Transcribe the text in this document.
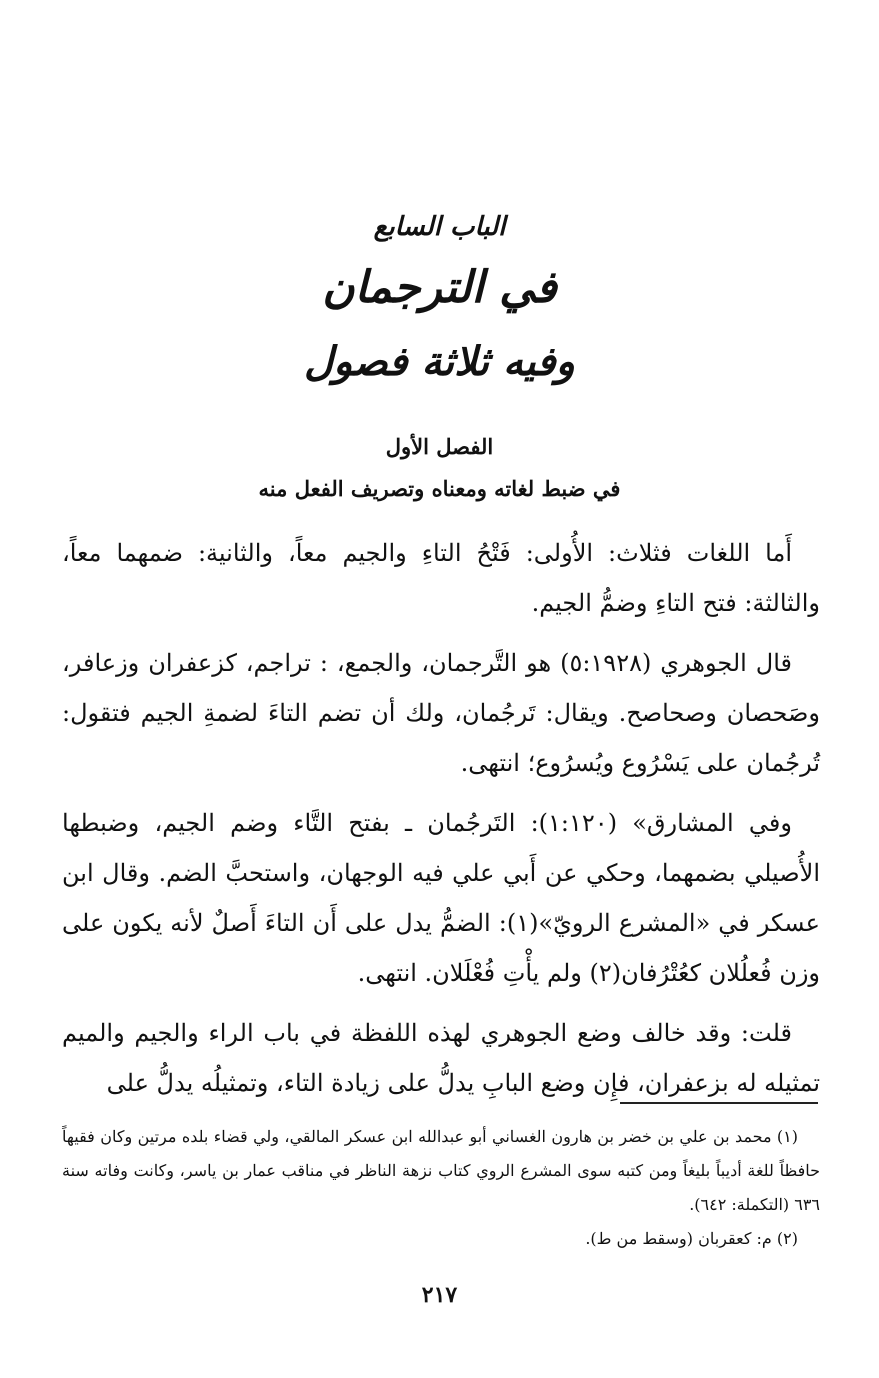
الباب السابع
في الترجمان
وفيه ثلاثة فصول
الفصل الأول
في ضبط لغاته ومعناه وتصريف الفعل منه

أَما اللغات فثلاث: الأُولى: فَتْحُ التاءِ والجيم معاً، والثانية: ضمهما معاً، والثالثة: فتح التاءِ وضمُّ الجيم.

قال الجوهري (٥:١٩٢٨) هو التَّرجمان، والجمع، : تراجم، كزعفران وزعافر، وصَحصان وصحاصح. ويقال: تَرجُمان، ولك أن تضم التاءَ لضمةِ الجيم فتقول: تُرجُمان على يَسْرُوع ويُسرُوع؛ انتهى.

وفي المشارق» (١:١٢٠): التَرجُمان ـ بفتح التَّاء وضم الجيم، وضبطها الأُصيلي بضمهما، وحكي عن أَبي علي فيه الوجهان، واستحبَّ الضم. وقال ابن عسكر في «المشرع الرويّ»(١): الضمُّ يدل على أَن التاءَ أَصلٌ لأنه يكون على وزن فُعلُلان كعُتْرُفان(٢) ولم يأْتِ فُعْلَلان. انتهى.

قلت: وقد خالف وضع الجوهري لهذه اللفظة في باب الراء والجيم والميم تمثيله له بزعفران، فإِن وضع البابِ يدلُّ على زيادة التاء، وتمثيلُه يدلُّ على

(١) محمد بن علي بن خضر بن هارون الغساني أبو عبدالله ابن عسكر المالقي، ولي قضاء بلده مرتين وكان فقيهاً حافظاً للغة أديباً بليغاً ومن كتبه سوى المشرع الروي كتاب نزهة الناظر في مناقب عمار بن ياسر، وكانت وفاته سنة ٦٣٦ (التكملة: ٦٤٢).

(٢) م: كعقربان (وسقط من ط).

٢١٧
